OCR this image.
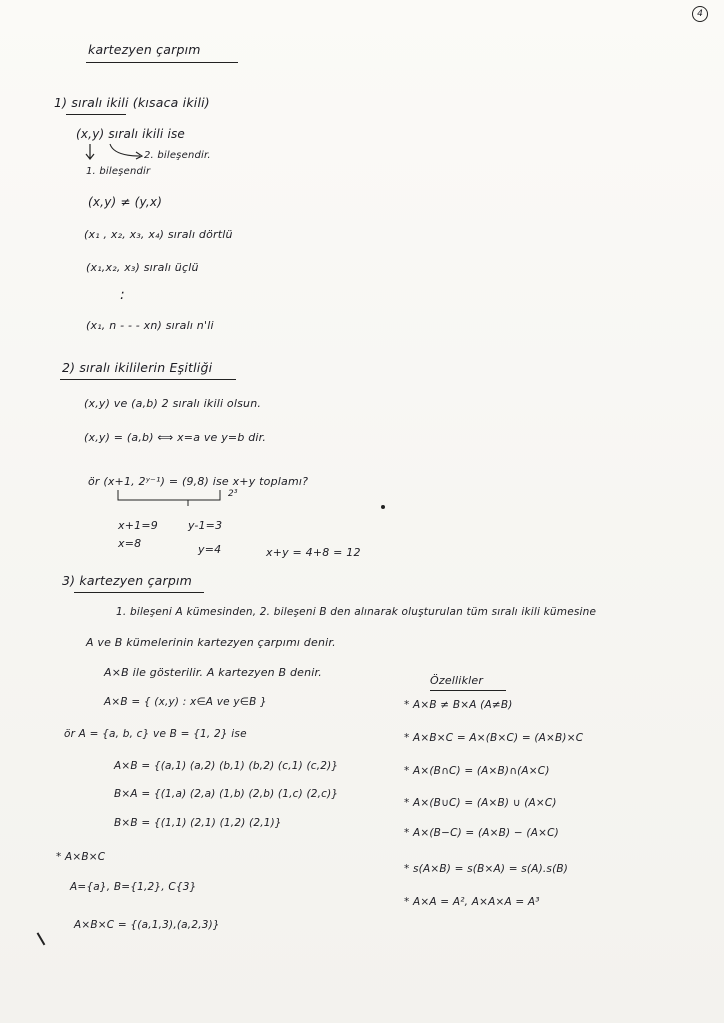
4
kartezyen çarpım
1) sıralı ikili (kısaca ikili)
(x,y) sıralı ikili ise
2. bileşendir.
1. bileşendir
(x,y) ≠ (y,x)
(x₁ , x₂, x₃, x₄) sıralı dörtlü
(x₁,x₂, x₃) sıralı üçlü
:
(x₁, n - - - xn) sıralı n'li
2) sıralı ikililerin Eşitliği
(x,y) ve (a,b) 2 sıralı ikili olsun.
(x,y) = (a,b) ⟺ x=a ve y=b dir.
ör (x+1, 2ʸ⁻¹) = (9,8) ise x+y toplamı?
2³
x+1=9	y-1=3
x=8	y=4	x+y = 4+8 = 12
3) kartezyen çarpım
1. bileşeni A kümesinden, 2. bileşeni B den alınarak oluşturulan tüm sıralı ikili kümesine
A ve B kümelerinin kartezyen çarpımı denir.
A×B ile gösterilir. A kartezyen B denir.
A×B = { (x,y) : x∈A ve y∈B }
ör A = {a, b, c} ve B = {1, 2} ise
A×B = {(a,1) (a,2) (b,1) (b,2) (c,1) (c,2)}
B×A = {(1,a) (2,a) (1,b) (2,b) (1,c) (2,c)}
B×B = {(1,1) (2,1) (1,2) (2,1)}
* A×B×C
A={a}, B={1,2}, C{3}
A×B×C = {(a,1,3),(a,2,3)}
Özellikler
* A×B ≠ B×A (A≠B)
* A×B×C = A×(B×C) = (A×B)×C
* A×(B∩C) = (A×B)∩(A×C)
* A×(B∪C) = (A×B) ∪ (A×C)
* A×(B−C) = (A×B) − (A×C)
* s(A×B) = s(B×A) = s(A).s(B)
* A×A = A², A×A×A = A³
